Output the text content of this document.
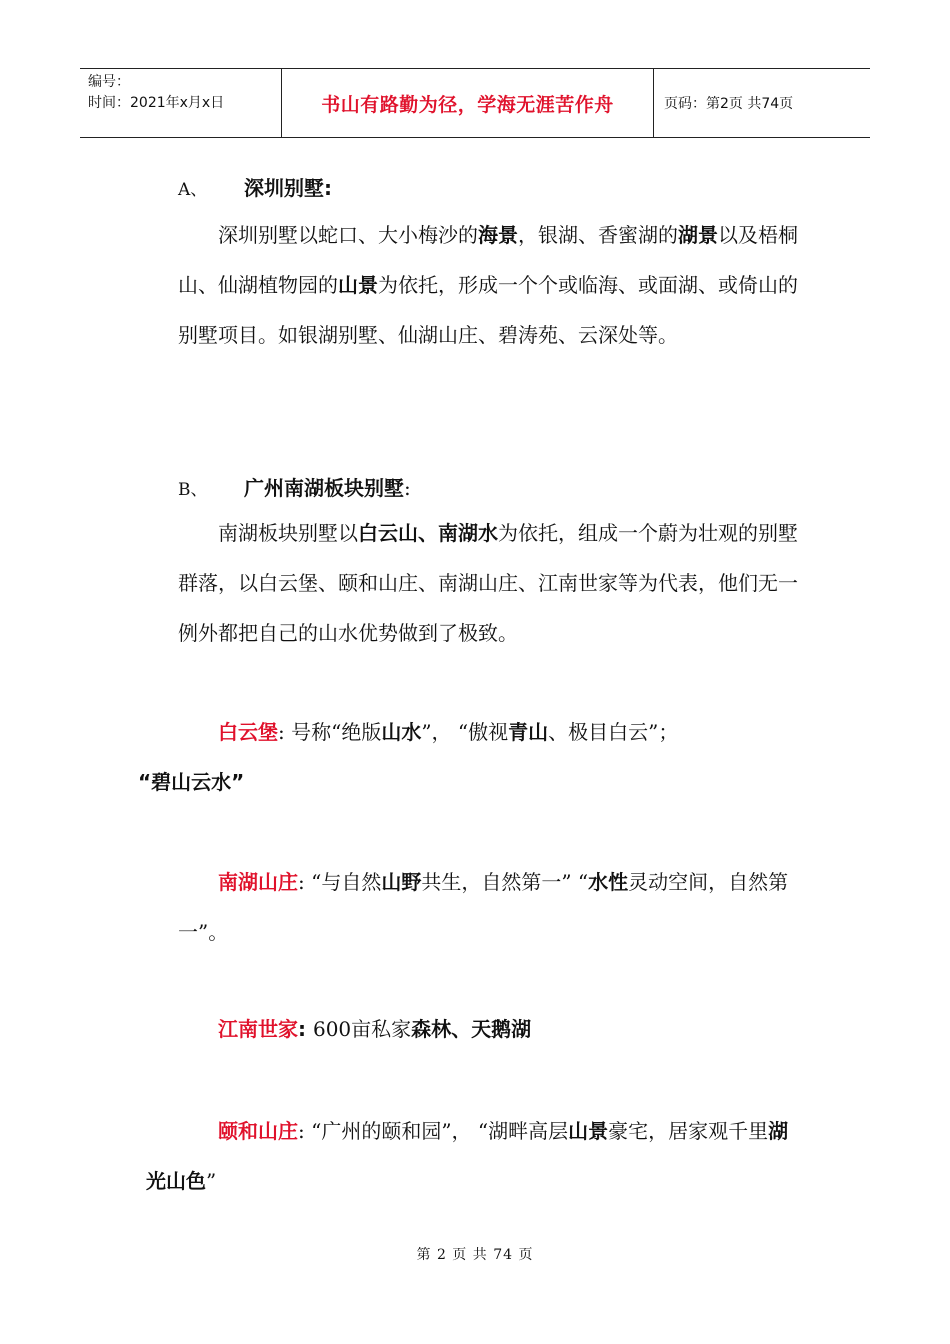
编号：
时间：2021年x月x日	书山有路勤为径，学海无涯苦作舟	页码：第2页 共74页
A、	深圳别墅:
深圳别墅以蛇口、大小梅沙的海景，银湖、香蜜湖的湖景以及梧桐山、仙湖植物园的山景为依托，形成一个个或临海、或面湖、或倚山的别墅项目。如银湖别墅、仙湖山庄、碧涛苑、云深处等。
B、	广州南湖板块别墅 :
南湖板块别墅以白云山、南湖水为依托，组成一个蔚为壮观的别墅群落，以白云堡、颐和山庄、南湖山庄、江南世家等为代表，他们无一例外都把自己的山水优势做到了极致。
白云堡: 号称“绝版山水”， “傲视青山、极目白云”；
“碧山云水”
南湖山庄: “与自然山野共生，自然第一” “水性灵动空间，自然第一”。
江南世家: 600亩私家森林、天鹅湖
颐和山庄: “广州的颐和园”， “湖畔高层山景豪宅，居家观千里湖光山色”
第 2 页 共 74 页
